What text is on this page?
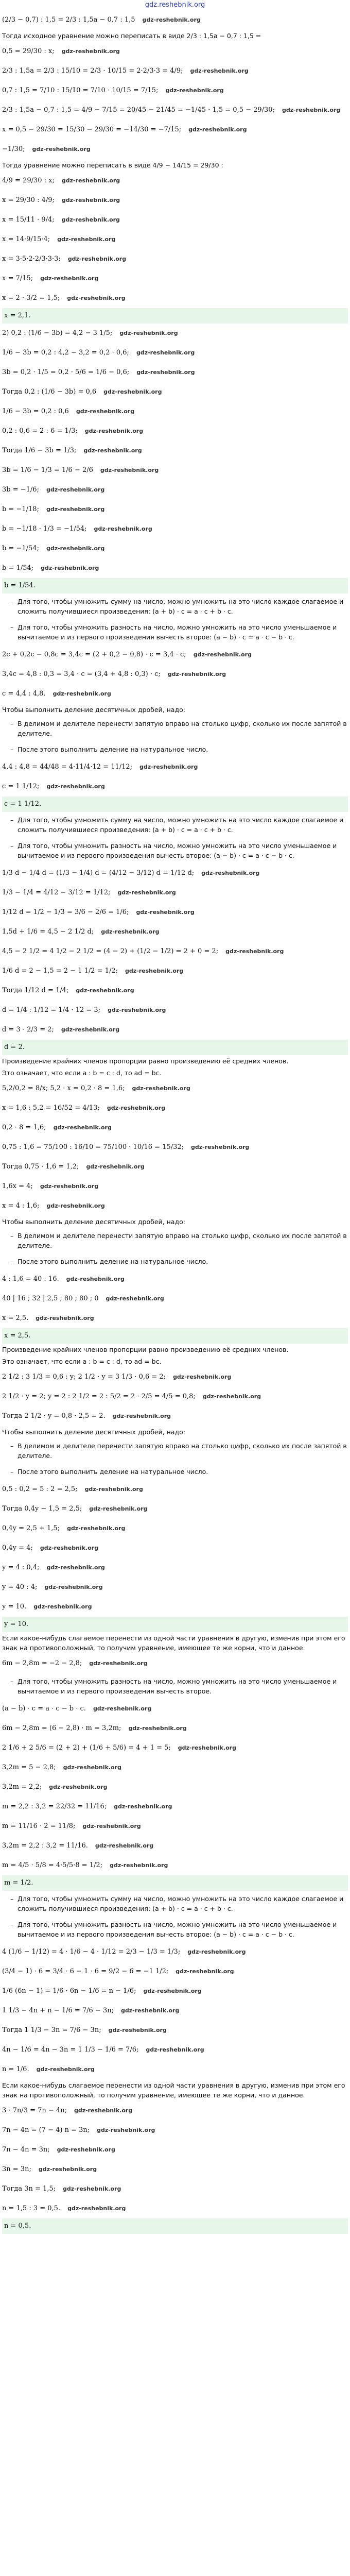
gdz.reshebnik.org
(2/3 − 0,7) : 1,5 = 2/3 : 1,5a − 0,7 : 1,5 gdz-reshebnik.org
Тогда исходное уравнение можно переписать в виде 2/3 : 1,5a − 0,7 : 1,5 =
0,5 = 29/30 : x; gdz-reshebnik.org
2/3 : 1,5a = 2/3 : 15/10 = 2/3 · 10/15 = 2·2/3·3 = 4/9; gdz-reshebnik.org
0,7 : 1,5 = 7/10 : 15/10 = 7/10 · 10/15 = 7/15; gdz-reshebnik.org
2/3 : 1,5a − 0,7 : 1,5 = 4/9 − 7/15 = 20/45 − 21/45 = −1/45 · 1,5 = 0,5 − 29/30; gdz-reshebnik.org
x = 0,5 − 29/30 = 15/30 − 29/30 = −14/30 = −7/15; gdz-reshebnik.org
−1/30; gdz-reshebnik.org
Тогда уравнение можно переписать в виде 4/9 − 14/15 = 29/30 :
4/9 = 29/30 : x; gdz-reshebnik.org
x = 29/30 : 4/9; gdz-reshebnik.org
x = 15/11 · 9/4; gdz-reshebnik.org
x = 14·9/15·4; gdz-reshebnik.org
x = 3·5·2·2/3·3·3; gdz-reshebnik.org
x = 7/15; gdz-reshebnik.org
x = 2 · 3/2 = 1,5; gdz-reshebnik.org
x = 2,1.
2) 0,2 : (1/6 − 3b) = 4,2 − 3 1/5; gdz-reshebnik.org
1/6 − 3b = 0,2 : 4,2 − 3,2 = 0,2 · 0,6; gdz-reshebnik.org
3b = 0,2 · 1/5 = 0,2 · 5/6 = 1/6 − 0,6; gdz-reshebnik.org
Тогда 0,2 : (1/6 − 3b) = 0,6 gdz-reshebnik.org
1/6 − 3b = 0,2 : 0,6 gdz-reshebnik.org
0,2 : 0,6 = 2 : 6 = 1/3; gdz-reshebnik.org
Тогда 1/6 − 3b = 1/3; gdz-reshebnik.org
3b = 1/6 − 1/3 = 1/6 − 2/6 gdz-reshebnik.org
3b = −1/6; gdz-reshebnik.org
b = −1/18; gdz-reshebnik.org
b = −1/18 · 1/3 = −1/54; gdz-reshebnik.org
b = −1/54; gdz-reshebnik.org
b = 1/54; gdz-reshebnik.org
b = 1/54.
– Для того, чтобы умножить сумму на число, можно умножить на это число каждое слагаемое и сложить получившиеся произведения: (a + b) · c = a · c + b · c.
– Для того, чтобы умножить разность на число, можно умножить на это число уменьшаемое и вычитаемое и из первого произведения вычесть второе: (a − b) · c = a · c − b · c.
2c + 0,2c − 0,8c = 3,4c = (2 + 0,2 − 0,8) · c = 3,4 · c; gdz-reshebnik.org
3,4c = 4,8 : 0,3 = 3,4 · c = (3,4 + 4,8 : 0,3) · c; gdz-reshebnik.org
c = 4,4 : 4,8. gdz-reshebnik.org
Чтобы выполнить деление десятичных дробей, надо:
– В делимом и делителе перенести запятую вправо на столько цифр, сколько их после запятой в делителе.
– После этого выполнить деление на натуральное число.
4,4 : 4,8 = 44/48 = 4·11/4·12 = 11/12; gdz-reshebnik.org
c = 1 1/12; gdz-reshebnik.org
c = 1 1/12.
– Для того, чтобы умножить сумму на число, можно умножить на это число каждое слагаемое и сложить получившиеся произведения: (a + b) · c = a · c + b · c.
– Для того, чтобы умножить разность на число, можно умножить на это число уменьшаемое и вычитаемое и из первого произведения вычесть второе: (a − b) · c = a · c − b · c.
1/3 d − 1/4 d = (1/3 − 1/4) d = (4/12 − 3/12) d = 1/12 d; gdz-reshebnik.org
1/3 − 1/4 = 4/12 − 3/12 = 1/12; gdz-reshebnik.org
1/12 d = 1/2 − 1/3 = 3/6 − 2/6 = 1/6; gdz-reshebnik.org
1,5d + 1/6 = 4,5 − 2 1/2 d; gdz-reshebnik.org
4,5 − 2 1/2 = 4 1/2 − 2 1/2 = (4 − 2) + (1/2 − 1/2) = 2 + 0 = 2; gdz-reshebnik.org
1/6 d = 2 − 1,5 = 2 − 1 1/2 = 1/2; gdz-reshebnik.org
Тогда 1/12 d = 1/4; gdz-reshebnik.org
d = 1/4 : 1/12 = 1/4 · 12 = 3; gdz-reshebnik.org
d = 3 · 2/3 = 2; gdz-reshebnik.org
d = 2.
Произведение крайних членов пропорции равно произведению её средних членов.
Это означает, что если a : b = c : d, то ad = bc.
5,2/0,2 = 8/x; 5,2 · x = 0,2 · 8 = 1,6; gdz-reshebnik.org
x = 1,6 : 5,2 = 16/52 = 4/13; gdz-reshebnik.org
0,2 · 8 = 1,6; gdz-reshebnik.org
0,75 : 1,6 = 75/100 : 16/10 = 75/100 · 10/16 = 15/32; gdz-reshebnik.org
Тогда 0,75 · 1,6 = 1,2; gdz-reshebnik.org
1,6x = 4; gdz-reshebnik.org
x = 4 : 1,6; gdz-reshebnik.org
Чтобы выполнить деление десятичных дробей, надо:
– В делимом и делителе перенести запятую вправо на столько цифр, сколько их после запятой в делителе.
– После этого выполнить деление на натуральное число.
4 : 1,6 = 40 : 16. gdz-reshebnik.org
40 | 16 ; 32 | 2,5 ; 80 ; 80 ; 0 gdz-reshebnik.org
x = 2,5. gdz-reshebnik.org
x = 2,5.
Произведение крайних членов пропорции равно произведению её средних членов.
Это означает, что если a : b = c : d, то ad = bc.
2 1/2 : 3 1/3 = 0,6 : y; 2 1/2 · y = 3 1/3 · 0,6 = 2; gdz-reshebnik.org
2 1/2 · y = 2; y = 2 : 2 1/2 = 2 : 5/2 = 2 · 2/5 = 4/5 = 0,8; gdz-reshebnik.org
Тогда 2 1/2 · y = 0,8 · 2,5 = 2. gdz-reshebnik.org
Чтобы выполнить деление десятичных дробей, надо:
– В делимом и делителе перенести запятую вправо на столько цифр, сколько их после запятой в делителе.
– После этого выполнить деление на натуральное число.
0,5 : 0,2 = 5 : 2 = 2,5; gdz-reshebnik.org
Тогда 0,4y − 1,5 = 2,5; gdz-reshebnik.org
0,4y = 2,5 + 1,5; gdz-reshebnik.org
0,4y = 4; gdz-reshebnik.org
y = 4 : 0,4; gdz-reshebnik.org
y = 40 : 4; gdz-reshebnik.org
y = 10. gdz-reshebnik.org
y = 10.
Если какое-нибудь слагаемое перенести из одной части уравнения в другую, изменив при этом его знак на противоположный, то получим уравнение, имеющее те же корни, что и данное.
6m − 2,8m = −2 − 2,8; gdz-reshebnik.org
– Для того, чтобы умножить разность на число, можно умножить на это число уменьшаемое и вычитаемое и из первого произведения вычесть второе.
(a − b) · c = a · c − b · c. gdz-reshebnik.org
6m − 2,8m = (6 − 2,8) · m = 3,2m; gdz-reshebnik.org
2 1/6 + 2 5/6 = (2 + 2) + (1/6 + 5/6) = 4 + 1 = 5; gdz-reshebnik.org
3,2m = 5 − 2,8; gdz-reshebnik.org
3,2m = 2,2; gdz-reshebnik.org
m = 2,2 : 3,2 = 22/32 = 11/16; gdz-reshebnik.org
m = 11/16 · 2 = 11/8; gdz-reshebnik.org
3,2m = 2,2 : 3,2 = 11/16. gdz-reshebnik.org
m = 4/5 · 5/8 = 4·5/5·8 = 1/2; gdz-reshebnik.org
m = 1/2.
– Для того, чтобы умножить сумму на число, можно умножить на это число каждое слагаемое и сложить получившиеся произведения: (a + b) · c = a · c + b · c.
– Для того, чтобы умножить разность на число, можно умножить на это число уменьшаемое и вычитаемое и из первого произведения вычесть второе: (a − b) · c = a · c − b · c.
4 (1/6 − 1/12) = 4 · 1/6 − 4 · 1/12 = 2/3 − 1/3 = 1/3; gdz-reshebnik.org
(3/4 − 1) · 6 = 3/4 · 6 − 1 · 6 = 9/2 − 6 = −1 1/2; gdz-reshebnik.org
1/6 (6n − 1) = 1/6 · 6n − 1/6 = n − 1/6; gdz-reshebnik.org
1 1/3 − 4n + n − 1/6 = 7/6 − 3n; gdz-reshebnik.org
Тогда 1 1/3 − 3n = 7/6 − 3n; gdz-reshebnik.org
4n − 1/6 = 4n − 3n = 1 1/3 − 1/6 = 7/6; gdz-reshebnik.org
n = 1/6. gdz-reshebnik.org
Если какое-нибудь слагаемое перенести из одной части уравнения в другую, изменив при этом его знак на противоположный, то получим уравнение, имеющее те же корни, что и данное.
3 · 7n/3 = 7n − 4n; gdz-reshebnik.org
7n − 4n = (7 − 4) n = 3n; gdz-reshebnik.org
7n − 4n = 3n; gdz-reshebnik.org
3n = 3n; gdz-reshebnik.org
Тогда 3n = 1,5; gdz-reshebnik.org
n = 1,5 : 3 = 0,5. gdz-reshebnik.org
n = 0,5.
